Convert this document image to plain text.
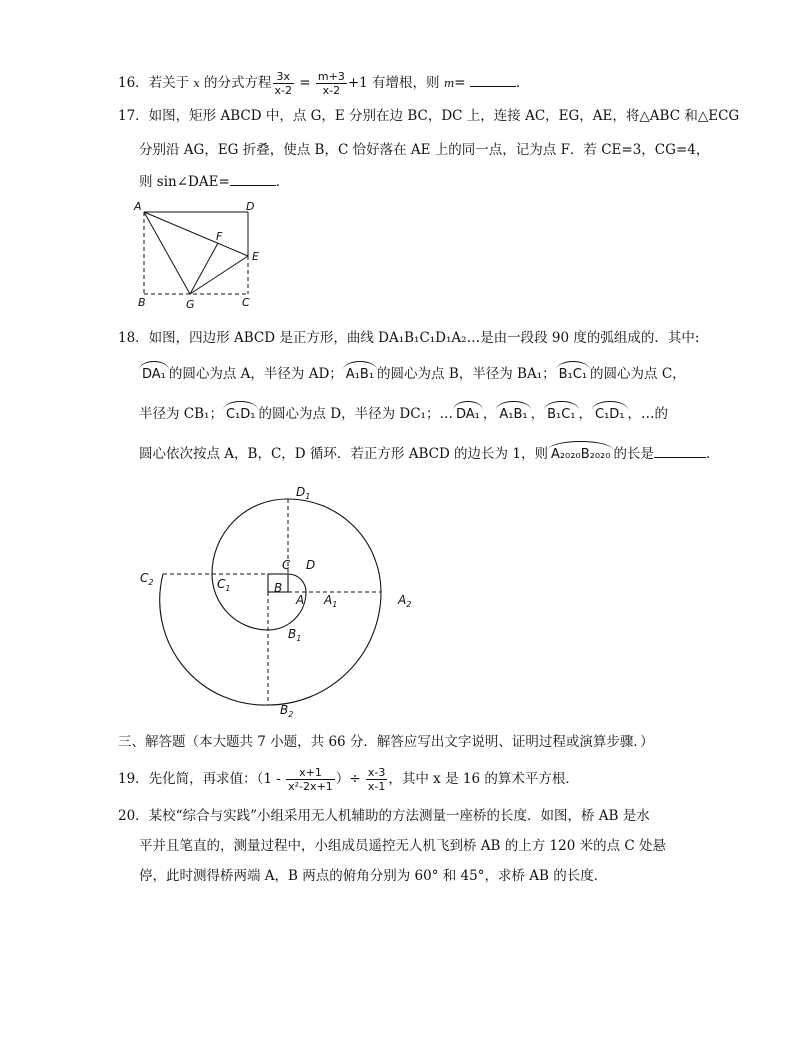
16．若关于 x 的分式方程 $\frac{3x}{x-2} = \frac{m+3}{x-2} +1$ 有增根，则 m=	.
17．如图，矩形 ABCD 中，点 G，E 分别在边 BC，DC 上，连接 AC，EG，AE，将△ABC 和△ECG
分别沿 AG，EG 折叠，使点 B，C 恰好落在 AE 上的同一点，记为点 F．若 CE=3，CG=4，
则 sin∠DAE=	．
A	D
F
E
B	G	C
18．如图，四边形 ABCD 是正方形，曲线 DA₁B₁C₁D₁A₂…是由一段段 90 度的弧组成的．其中:
DA₁ 的圆心为点 A，半径为 AD； A₁B₁ 的圆心为点 B，半径为 BA₁； B₁C₁ 的圆心为点 C，
半径为 CB₁； C₁D₁ 的圆心为点 D，半径为 DC₁；… DA₁ ， A₁B₁ ， B₁C₁ ， C₁D₁ ，…的
圆心依次按点 A，B，C，D 循环．若正方形 ABCD 的边长为 1，则 A₂₀₂₀B₂₀₂₀ 的长是	．
$D_1$
C D
$C_2$	$C_1$	B
A $A_1$	$A_2$
$B_1$
$B_2$
三、解答题（本大题共 7 小题，共 66 分．解答应写出文字说明、证明过程或演算步骤．）
19．先化简，再求值：（$1 - \frac{x+1}{\text{x²-2x+1}}$ ）÷ $\frac{x-3}{x-1}$ ，其中 x 是 16 的算术平方根．
20．某校“综合与实践”小组采用无人机辅助的方法测量一座桥的长度．如图，桥 AB 是水
平并且笔直的，测量过程中，小组成员遥控无人机飞到桥 AB 的上方 120 米的点 C 处悬
停，此时测得桥两端 A，B 两点的俯角分别为 60° 和 45°，求桥 AB 的长度．
